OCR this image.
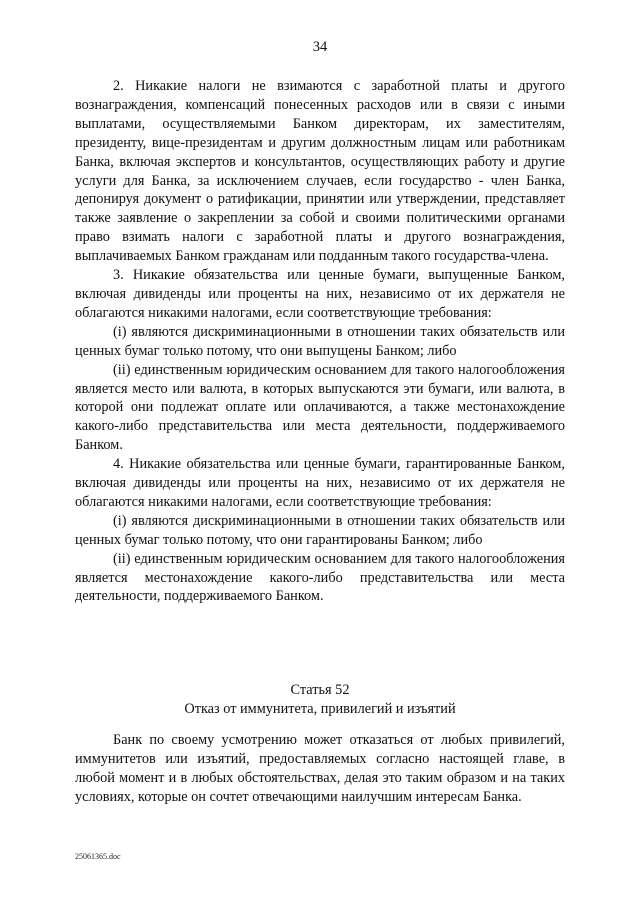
34

2. Никакие налоги не взимаются с заработной платы и другого вознаграждения, компенсаций понесенных расходов или в связи с иными выплатами, осуществляемыми Банком директорам, их заместителям, президенту, вице-президентам и другим должностным лицам или работникам Банка, включая экспертов и консультантов, осуществляющих работу и другие услуги для Банка, за исключением случаев, если государство - член Банка, депонируя документ о ратификации, принятии или утверждении, представляет также заявление о закреплении за собой и своими политическими органами право взимать налоги с заработной платы и другого вознаграждения, выплачиваемых Банком гражданам или подданным такого государства-члена.

3. Никакие обязательства или ценные бумаги, выпущенные Банком, включая дивиденды или проценты на них, независимо от их держателя не облагаются никакими налогами, если соответствующие требования:

(i) являются дискриминационными в отношении таких обязательств или ценных бумаг только потому, что они выпущены Банком; либо

(ii) единственным юридическим основанием для такого налогообложения является место или валюта, в которых выпускаются эти бумаги, или валюта, в которой они подлежат оплате или оплачиваются, а также местонахождение какого-либо представительства или места деятельности, поддерживаемого Банком.

4. Никакие обязательства или ценные бумаги, гарантированные Банком, включая дивиденды или проценты на них, независимо от их держателя не облагаются никакими налогами, если соответствующие требования:

(i) являются дискриминационными в отношении таких обязательств или ценных бумаг только потому, что они гарантированы Банком; либо

(ii) единственным юридическим основанием для такого налогообложения является местонахождение какого-либо представительства или места деятельности, поддерживаемого Банком.

Статья 52
Отказ от иммунитета, привилегий и изъятий

Банк по своему усмотрению может отказаться от любых привилегий, иммунитетов или изъятий, предоставляемых согласно настоящей главе, в любой момент и в любых обстоятельствах, делая это таким образом и на таких условиях, которые он сочтет отвечающими наилучшим интересам Банка.

25061365.doc
